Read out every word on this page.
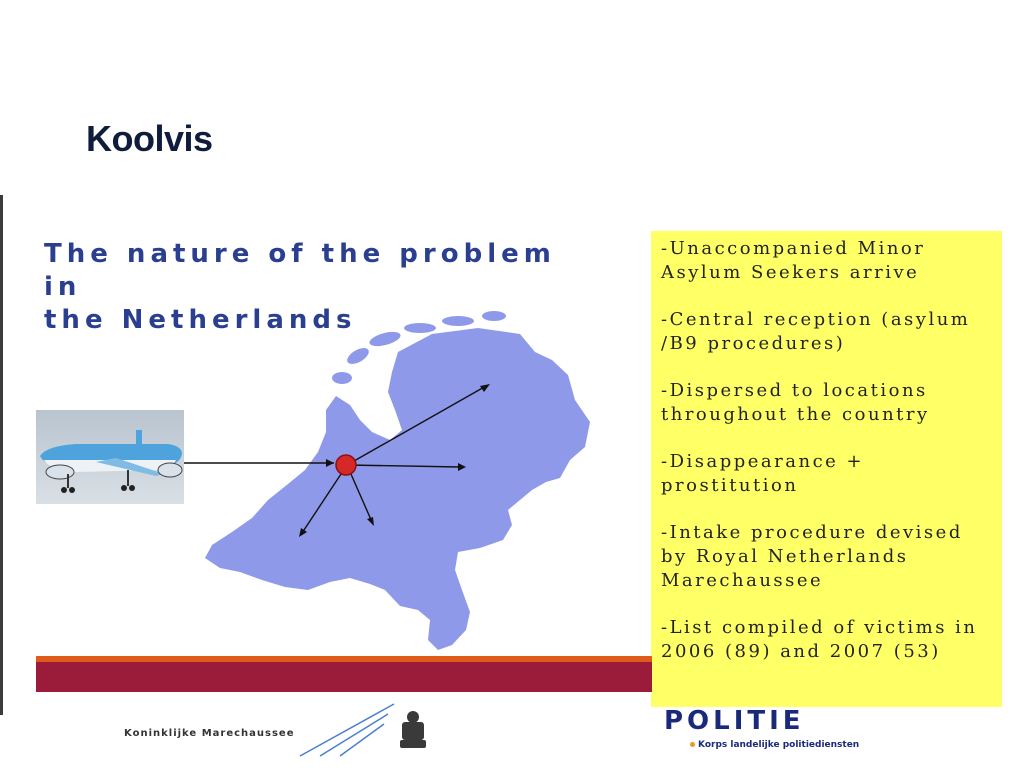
Koolvis
The nature of the problem in
the Netherlands
-Unaccompanied Minor
Asylum Seekers arrive
-Central reception (asylum
/B9 procedures)
-Dispersed to locations
throughout the country
-Disappearance +
prostitution
-Intake procedure devised
by Royal Netherlands
Marechaussee
-List compiled of victims in
2006 (89) and 2007 (53)
Koninklijke Marechaussee	POLITIE
Korps landelijke politiediensten
